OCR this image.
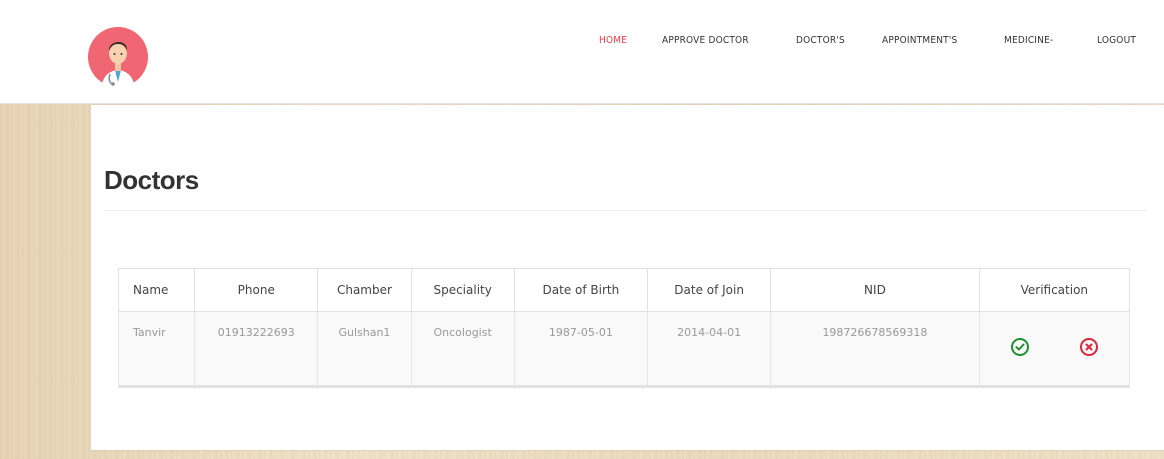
HOME	APPROVE DOCTOR	DOCTOR'S	APPOINTMENT'S	MEDICINE-	LOGOUT
Doctors
Name	Phone	Chamber	Speciality	Date of Birth	Date of Join	NID	Verification
Tanvir	01913222693	Gulshan1	Oncologist	1987-05-01	2014-04-01	198726678569318	
